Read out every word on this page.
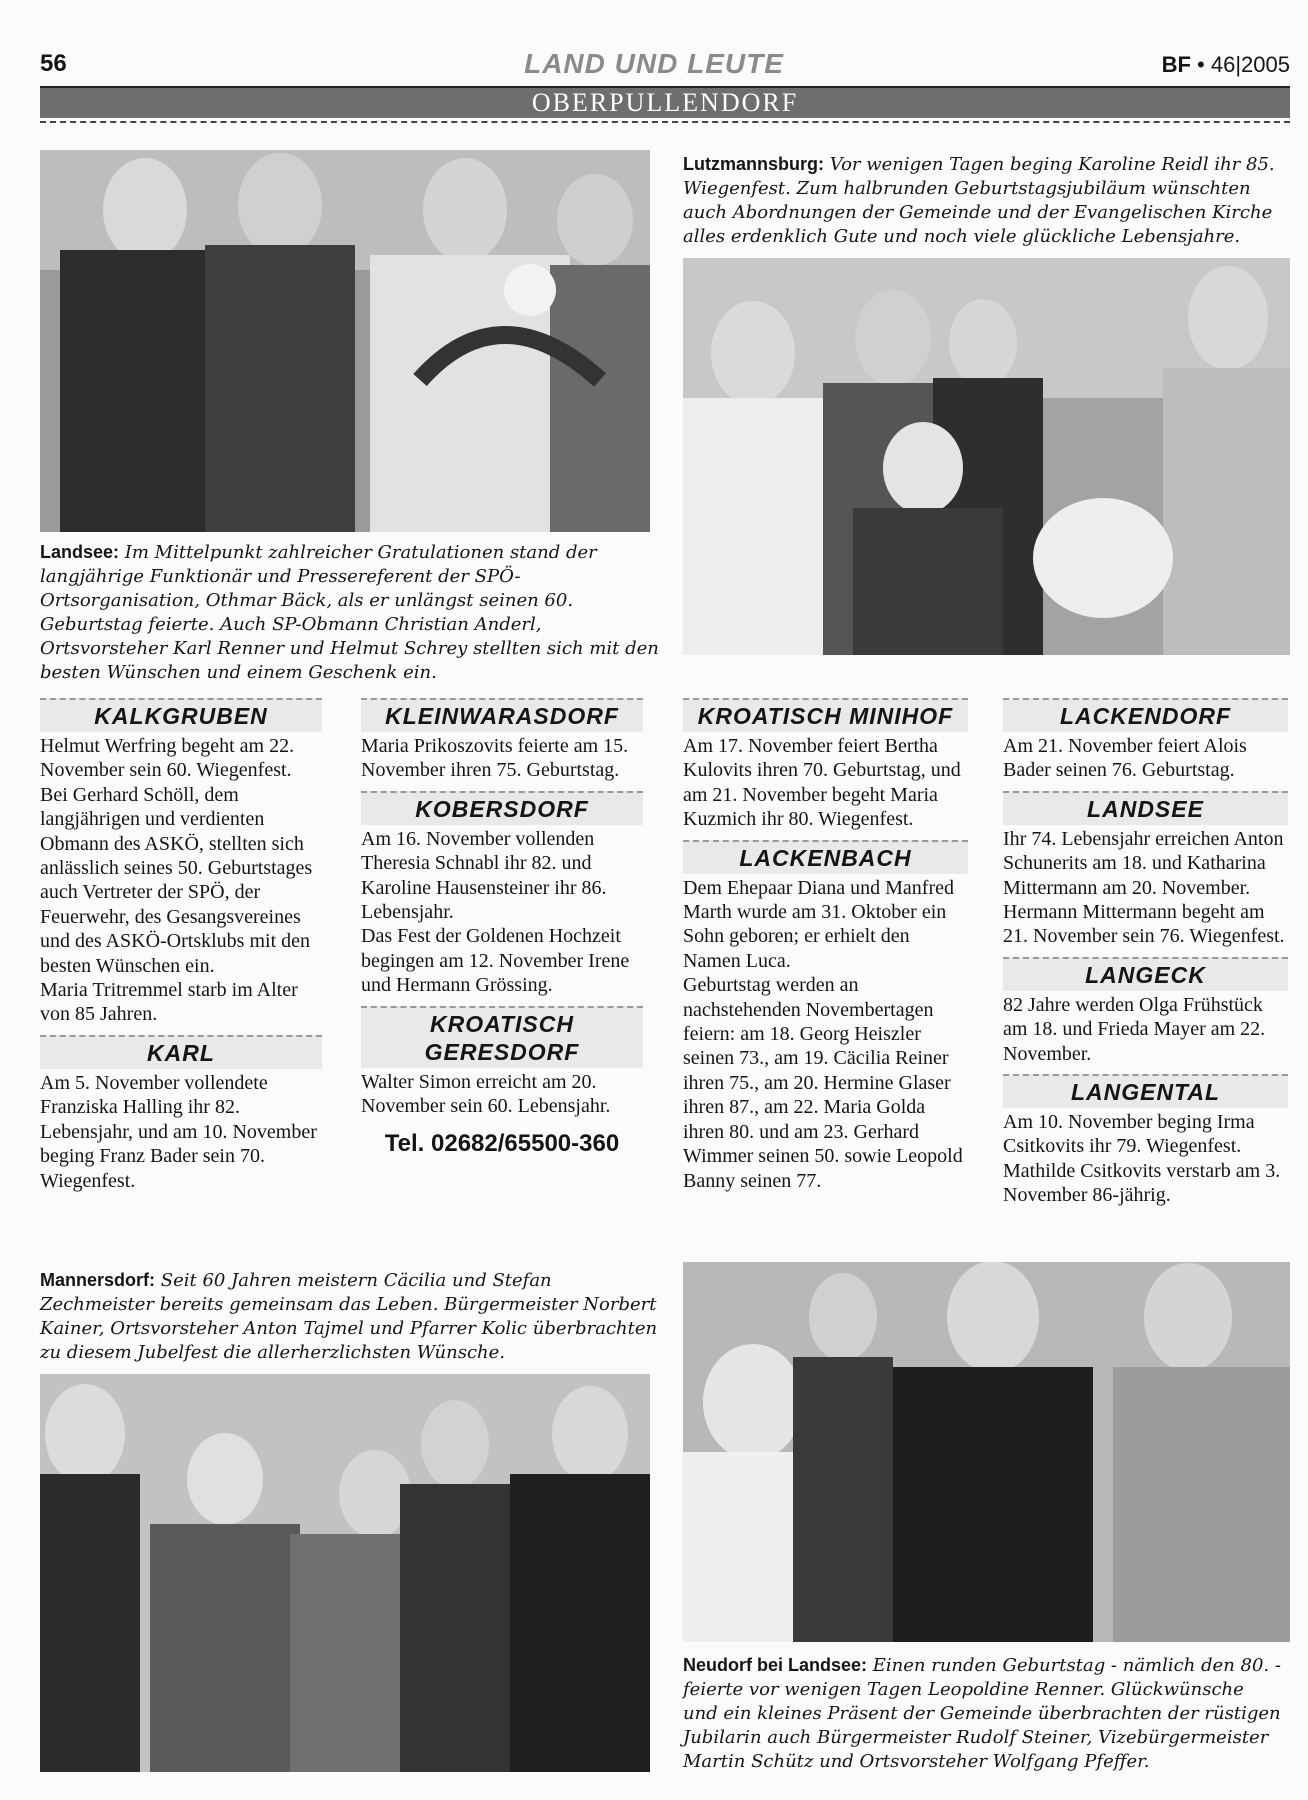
56	LAND UND LEUTE	BF • 46|2005
OBERPULLENDORF
Landsee: Im Mittelpunkt zahlreicher Gratulationen stand der langjährige Funktionär und Pressereferent der SPÖ-Ortsorganisation, Othmar Bäck, als er unlängst seinen 60. Geburtstag feierte. Auch SP-Obmann Christian Anderl, Ortsvorsteher Karl Renner und Helmut Schrey stellten sich mit den besten Wünschen und einem Geschenk ein.
Lutzmannsburg: Vor wenigen Tagen beging Karoline Reidl ihr 85. Wiegenfest. Zum halbrunden Geburtstagsjubiläum wünschten auch Abordnungen der Gemeinde und der Evangelischen Kirche alles erdenklich Gute und noch viele glückliche Lebensjahre.
KALKGRUBEN

Helmut Werfring begeht am 22. November sein 60. Wiegenfest.

Bei Gerhard Schöll, dem langjährigen und verdienten Obmann des ASKÖ, stellten sich anlässlich seines 50. Geburtstages auch Vertreter der SPÖ, der Feuerwehr, des Gesangsvereines und des ASKÖ-Ortsklubs mit den besten Wünschen ein.

Maria Tritremmel starb im Alter von 85 Jahren.

KARL

Am 5. November vollendete Franziska Halling ihr 82. Lebensjahr, und am 10. November beging Franz Bader sein 70. Wiegenfest.

KLEINWARASDORF

Maria Prikoszovits feierte am 15. November ihren 75. Geburtstag.

KOBERSDORF

Am 16. November vollenden Theresia Schnabl ihr 82. und Karoline Hausensteiner ihr 86. Lebensjahr.

Das Fest der Goldenen Hochzeit begingen am 12. November Irene und Hermann Grössing.

KROATISCH GERESDORF

Walter Simon erreicht am 20. November sein 60. Lebensjahr.

Tel. 02682/65500-360
KROATISCH MINIHOF

Am 17. November feiert Bertha Kulovits ihren 70. Geburtstag, und am 21. November begeht Maria Kuzmich ihr 80. Wiegenfest.

LACKENBACH

Dem Ehepaar Diana und Manfred Marth wurde am 31. Oktober ein Sohn geboren; er erhielt den Namen Luca.

Geburtstag werden an nachstehenden Novembertagen feiern: am 18. Georg Heiszler seinen 73., am 19. Cäcilia Reiner ihren 75., am 20. Hermine Glaser ihren 87., am 22. Maria Golda ihren 80. und am 23. Gerhard Wimmer seinen 50. sowie Leopold Banny seinen 77.

LACKENDORF

Am 21. November feiert Alois Bader seinen 76. Geburtstag.

LANDSEE

Ihr 74. Lebensjahr erreichen Anton Schunerits am 18. und Katharina Mittermann am 20. November. Hermann Mittermann begeht am 21. November sein 76. Wiegenfest.

LANGECK

82 Jahre werden Olga Frühstück am 18. und Frieda Mayer am 22. November.

LANGENTAL

Am 10. November beging Irma Csitkovits ihr 79. Wiegenfest. Mathilde Csitkovits verstarb am 3. November 86-jährig.

Mannersdorf: Seit 60 Jahren meistern Cäcilia und Stefan Zechmeister bereits gemeinsam das Leben. Bürgermeister Norbert Kainer, Ortsvorsteher Anton Tajmel und Pfarrer Kolic überbrachten zu diesem Jubelfest die allerherzlichsten Wünsche.
Neudorf bei Landsee: Einen runden Geburtstag - nämlich den 80. - feierte vor wenigen Tagen Leopoldine Renner. Glückwünsche und ein kleines Präsent der Gemeinde überbrachten der rüstigen Jubilarin auch Bürgermeister Rudolf Steiner, Vizebürgermeister Martin Schütz und Ortsvorsteher Wolfgang Pfeffer.
